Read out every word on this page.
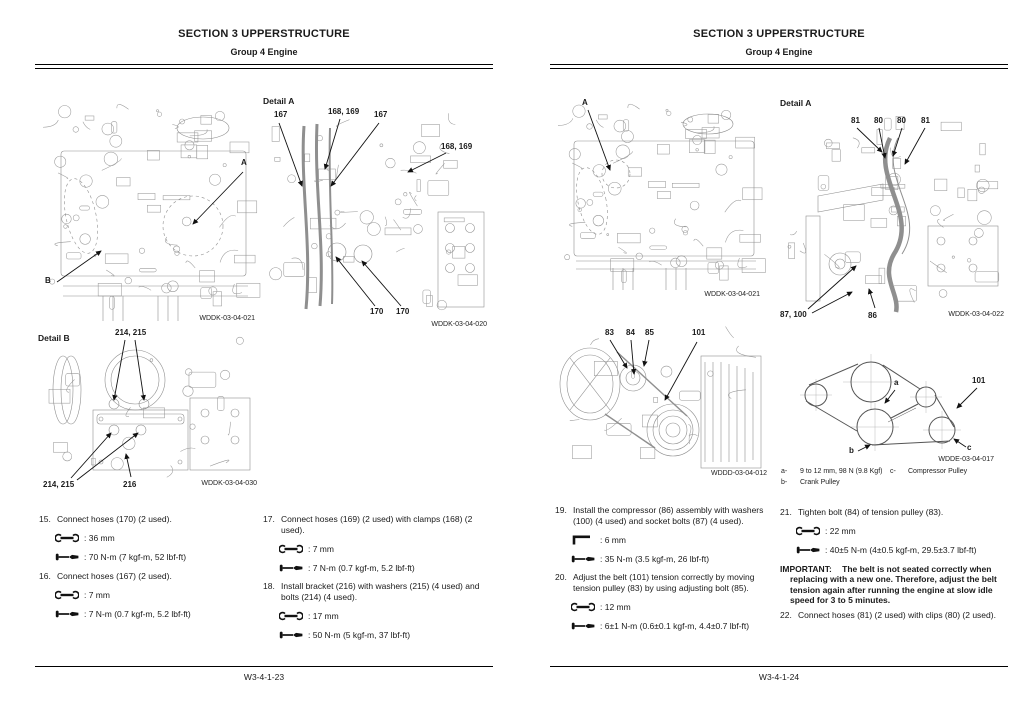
SECTION 3 UPPERSTRUCTURE
Group 4 Engine
A
B
WDDK-03-04-021
Detail A
167	168, 169 167
168, 169
170 170
WDDK-03-04-020
Detail B
214, 215
214, 215	216	WDDK-03-04-030
15. Connect hoses (170) (2 used).
: 36 mm
: 70 N-m (7 kgf-m, 52 lbf-ft)
16. Connect hoses (167) (2 used).
: 7 mm
: 7 N-m (0.7 kgf-m, 5.2 lbf-ft)
17. Connect hoses (169) (2 used) with clamps (168) (2 used).
: 7 mm
: 7 N-m (0.7 kgf-m, 5.2 lbf-ft)
18. Install bracket (216) with washers (215) (4 used) and bolts (214) (4 used).
: 17 mm
: 50 N-m (5 kgf-m, 37 lbf-ft)
W3-4-1-23
SECTION 3 UPPERSTRUCTURE
Group 4 Engine
A
WDDK-03-04-021
Detail A
81 80 80 81
87, 100	86	WDDK-03-04-022
83 84 85	101
WDDD-03-04-012
a
b	c
101
WDDE-03-04-017
a- 9 to 12 mm, 98 N (9.8 Kgf) c- Compressor Pulley
b- Crank Pulley
19. Install the compressor (86) assembly with washers (100) (4 used) and socket bolts (87) (4 used).
: 6 mm
: 35 N-m (3.5 kgf-m, 26 lbf-ft)
20. Adjust the belt (101) tension correctly by moving tension pulley (83) by using adjusting bolt (85).
: 12 mm
: 6±1 N-m (0.6±0.1 kgf-m, 4.4±0.7 lbf-ft)
21. Tighten bolt (84) of tension pulley (83).
: 22 mm
: 40±5 N-m (4±0.5 kgf-m, 29.5±3.7 lbf-ft)
IMPORTANT: The belt is not seated correctly when replacing with a new one. Therefore, adjust the belt tension again after running the engine at slow idle speed for 3 to 5 minutes.
22. Connect hoses (81) (2 used) with clips (80) (2 used).
W3-4-1-24
